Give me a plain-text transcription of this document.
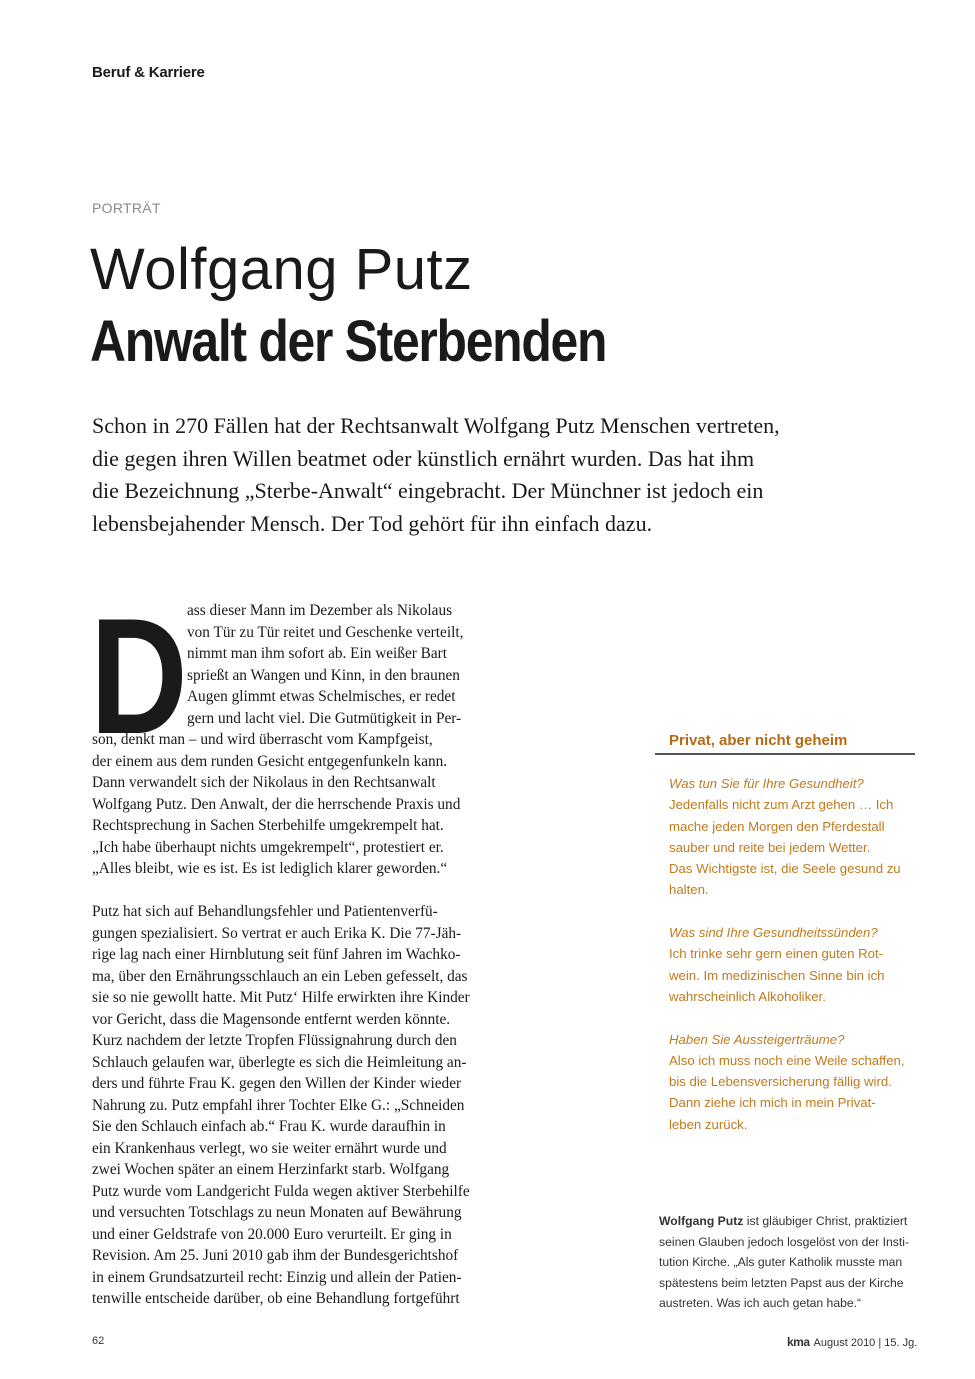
Beruf & Karriere
PORTRÄT
Wolfgang Putz
Anwalt der Sterbenden

Schon in 270 Fällen hat der Rechtsanwalt Wolfgang Putz Menschen vertreten,

die gegen ihren Willen beatmet oder künstlich ernährt wurden. Das hat ihm

die Bezeichnung „Sterbe-Anwalt“ eingebracht. Der Münchner ist jedoch ein

lebensbejahender Mensch. Der Tod gehört für ihn einfach dazu.

D ass dieser Mann im Dezember als Nikolaus

von Tür zu Tür reitet und Geschenke verteilt,

nimmt man ihm sofort ab. Ein weißer Bart

sprießt an Wangen und Kinn, in den braunen

Augen glimmt etwas Schelmisches, er redet

gern und lacht viel. Die Gutmütigkeit in Per-

son, denkt man – und wird überrascht vom Kampfgeist,

der einem aus dem runden Gesicht entgegenfunkeln kann.

Dann verwandelt sich der Nikolaus in den Rechtsanwalt

Wolfgang Putz. Den Anwalt, der die herrschende Praxis und

Rechtsprechung in Sachen Sterbehilfe umgekrempelt hat.

„Ich habe überhaupt nichts umgekrempelt“, protestiert er.

„Alles bleibt, wie es ist. Es ist lediglich klarer geworden.“

Putz hat sich auf Behandlungsfehler und Patientenverfü-

gungen spezialisiert. So vertrat er auch Erika K. Die 77-Jäh-

rige lag nach einer Hirnblutung seit fünf Jahren im Wachko-

ma, über den Ernährungsschlauch an ein Leben gefesselt, das

sie so nie gewollt hatte. Mit Putz‘ Hilfe erwirkten ihre Kinder

vor Gericht, dass die Magensonde entfernt werden könnte.

Kurz nachdem der letzte Tropfen Flüssignahrung durch den

Schlauch gelaufen war, überlegte es sich die Heimleitung an-

ders und führte Frau K. gegen den Willen der Kinder wieder

Nahrung zu. Putz empfahl ihrer Tochter Elke G.: „Schneiden

Sie den Schlauch einfach ab.“ Frau K. wurde daraufhin in

ein Krankenhaus verlegt, wo sie weiter ernährt wurde und

zwei Wochen später an einem Herzinfarkt starb. Wolfgang

Putz wurde vom Landgericht Fulda wegen aktiver Sterbehilfe

und versuchten Totschlags zu neun Monaten auf Bewährung

und einer Geldstrafe von 20.000 Euro verurteilt. Er ging in

Revision. Am 25. Juni 2010 gab ihm der Bundesgerichtshof

in einem Grundsatzurteil recht: Einzig und allein der Patien-

tenwille entscheide darüber, ob eine Behandlung fortgeführt

Privat, aber nicht geheim

Was tun Sie für Ihre Gesundheit?

Jedenfalls nicht zum Arzt gehen … Ich

mache jeden Morgen den Pferdestall

sauber und reite bei jedem Wetter.

Das Wichtigste ist, die Seele gesund zu

halten.

Was sind Ihre Gesundheitssünden?

Ich trinke sehr gern einen guten Rot-

wein. Im medizinischen Sinne bin ich

wahrscheinlich Alkoholiker.

Haben Sie Aussteigerträume?

Also ich muss noch eine Weile schaffen,

bis die Lebensversicherung fällig wird.

Dann ziehe ich mich in mein Privat-

leben zurück.

Wolfgang Putz ist gläubiger Christ, praktiziert

seinen Glauben jedoch losgelöst von der Insti-

tution Kirche. „Als guter Katholik musste man

spätestens beim letzten Papst aus der Kirche

austreten. Was ich auch getan habe.“

62	kma August 2010 | 15. Jg.
